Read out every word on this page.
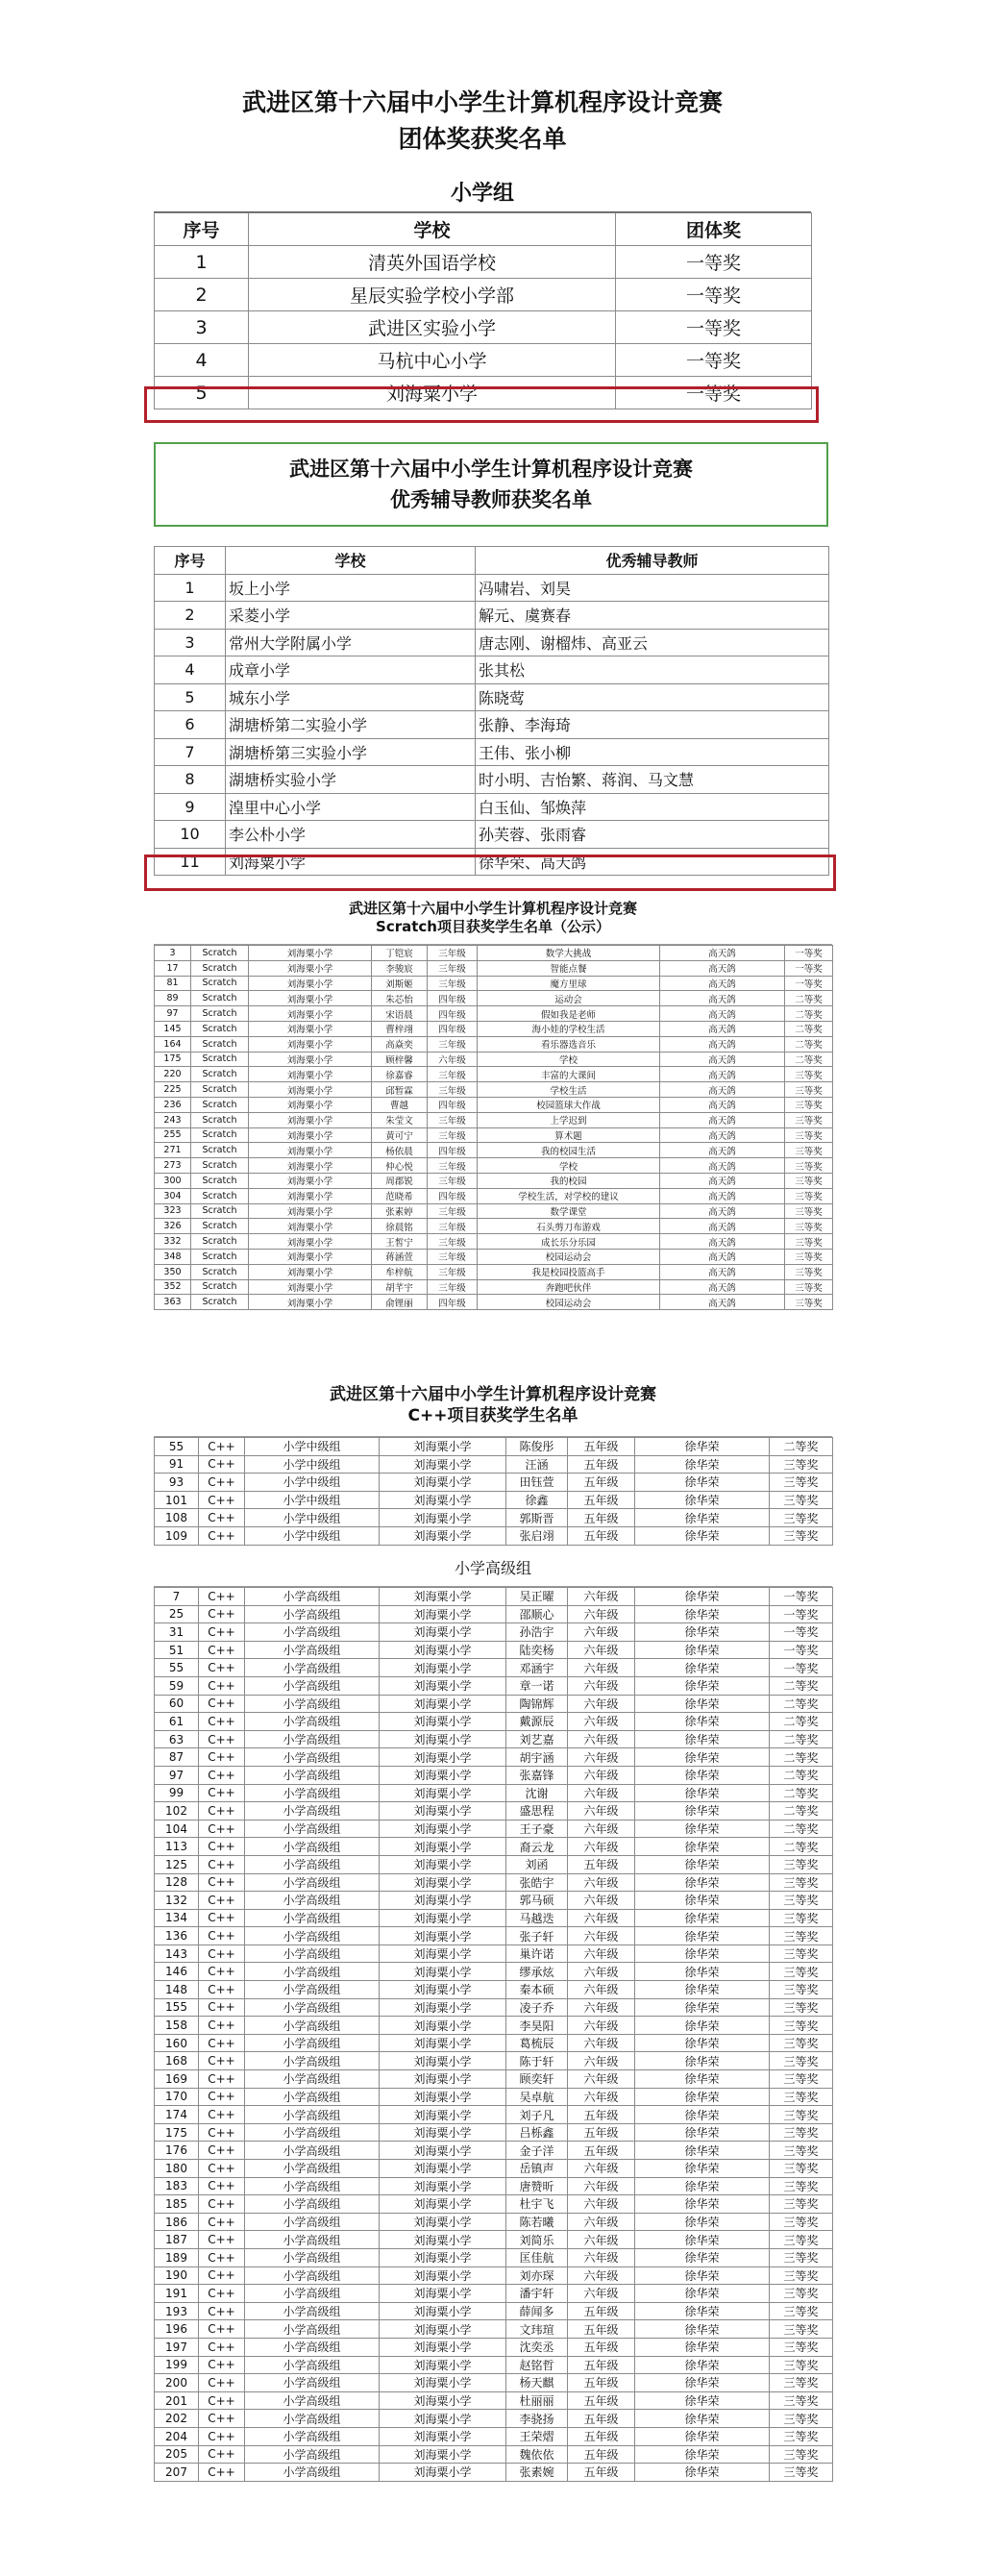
武进区第十六届中小学生计算机程序设计竞赛
团体奖获奖名单
小学组
序号	学校	团体奖
1	清英外国语学校	一等奖
2	星辰实验学校小学部	一等奖
3	武进区实验小学	一等奖
4	马杭中心小学	一等奖
5	刘海粟小学	一等奖
武进区第十六届中小学生计算机程序设计竞赛
优秀辅导教师获奖名单
序号	学校	优秀辅导教师
1	坂上小学	冯啸岩、刘昊
2	采菱小学	解元、虞赛春
3	常州大学附属小学	唐志刚、谢榴炜、高亚云
4	成章小学	张其松
5	城东小学	陈晓莺
6	湖塘桥第二实验小学	张静、李海琦
7	湖塘桥第三实验小学	王伟、张小柳
8	湖塘桥实验小学	时小明、吉怡繁、蒋润、马文慧
9	湟里中心小学	白玉仙、邹焕萍
10	李公朴小学	孙芙蓉、张雨睿
11	刘海粟小学	徐华荣、高天鸽
武进区第十六届中小学生计算机程序设计竞赛
Scratch项目获奖学生名单（公示）
3	Scratch	刘海粟小学	丁铠宸	三年级	数学大挑战	高天鸽	一等奖
17	Scratch	刘海粟小学	李骏宸	三年级	智能点餐	高天鸽	一等奖
81	Scratch	刘海粟小学	刘斯姬	三年级	魔方里球	高天鸽	一等奖
89	Scratch	刘海粟小学	朱芯怡	四年级	运动会	高天鸽	二等奖
97	Scratch	刘海粟小学	宋语晨	四年级	假如我是老师	高天鸽	二等奖
145	Scratch	刘海粟小学	曹梓翊	四年级	海小娃的学校生活	高天鸽	二等奖
164	Scratch	刘海粟小学	高焱奕	三年级	看乐器选音乐	高天鸽	二等奖
175	Scratch	刘海粟小学	顾梓馨	六年级	学校	高天鸽	二等奖
220	Scratch	刘海粟小学	徐嘉睿	三年级	丰富的大课间	高天鸽	三等奖
225	Scratch	刘海粟小学	邱暂霖	三年级	学校生活	高天鸽	三等奖
236	Scratch	刘海粟小学	曹越	四年级	校园篮球大作战	高天鸽	三等奖
243	Scratch	刘海粟小学	朱莹文	三年级	上学迟到	高天鸽	三等奖
255	Scratch	刘海粟小学	黄可宁	三年级	算术题	高天鸽	三等奖
271	Scratch	刘海粟小学	杨依晨	四年级	我的校园生活	高天鸽	三等奖
273	Scratch	刘海粟小学	仲心悦	三年级	学校	高天鸽	三等奖
300	Scratch	刘海粟小学	周郡锐	三年级	我的校园	高天鸽	三等奖
304	Scratch	刘海粟小学	范晓希	四年级	学校生活，对学校的建议	高天鸽	三等奖
323	Scratch	刘海粟小学	张素婷	三年级	数学课堂	高天鸽	三等奖
326	Scratch	刘海粟小学	徐晨铭	三年级	石头剪刀布游戏	高天鸽	三等奖
332	Scratch	刘海粟小学	王皙宁	三年级	成长乐分乐园	高天鸽	三等奖
348	Scratch	刘海粟小学	蒋涵萱	三年级	校园运动会	高天鸽	三等奖
350	Scratch	刘海粟小学	牟梓航	三年级	我是校园投篮高手	高天鸽	三等奖
352	Scratch	刘海粟小学	胡芊宇	三年级	奔跑吧伙伴	高天鸽	三等奖
363	Scratch	刘海粟小学	俞锂丽	四年级	校园运动会	高天鸽	三等奖
武进区第十六届中小学生计算机程序设计竞赛
C++项目获奖学生名单
55	C++	小学中级组	刘海粟小学	陈俊彤	五年级	徐华荣	二等奖
91	C++	小学中级组	刘海粟小学	汪涵	五年级	徐华荣	三等奖
93	C++	小学中级组	刘海粟小学	田钰萱	五年级	徐华荣	三等奖
101	C++	小学中级组	刘海粟小学	徐鑫	五年级	徐华荣	三等奖
108	C++	小学中级组	刘海粟小学	郭斯晋	五年级	徐华荣	三等奖
109	C++	小学中级组	刘海粟小学	张启翊	五年级	徐华荣	三等奖
小学高级组
7	C++	小学高级组	刘海粟小学	吴正曜	六年级	徐华荣	一等奖
25	C++	小学高级组	刘海粟小学	邵顺心	六年级	徐华荣	一等奖
31	C++	小学高级组	刘海粟小学	孙浩宇	六年级	徐华荣	一等奖
51	C++	小学高级组	刘海粟小学	陆奕杨	六年级	徐华荣	一等奖
55	C++	小学高级组	刘海粟小学	邓涵宇	六年级	徐华荣	一等奖
59	C++	小学高级组	刘海粟小学	章一诺	六年级	徐华荣	二等奖
60	C++	小学高级组	刘海粟小学	陶锦辉	六年级	徐华荣	二等奖
61	C++	小学高级组	刘海粟小学	戴源辰	六年级	徐华荣	二等奖
63	C++	小学高级组	刘海粟小学	刘艺嘉	六年级	徐华荣	二等奖
87	C++	小学高级组	刘海粟小学	胡宇涵	六年级	徐华荣	二等奖
97	C++	小学高级组	刘海粟小学	张嘉锋	六年级	徐华荣	二等奖
99	C++	小学高级组	刘海粟小学	沈谢	六年级	徐华荣	二等奖
102	C++	小学高级组	刘海粟小学	盛思程	六年级	徐华荣	二等奖
104	C++	小学高级组	刘海粟小学	王子豪	六年级	徐华荣	二等奖
113	C++	小学高级组	刘海粟小学	裔云龙	六年级	徐华荣	二等奖
125	C++	小学高级组	刘海粟小学	刘函	五年级	徐华荣	三等奖
128	C++	小学高级组	刘海粟小学	张皓宇	六年级	徐华荣	三等奖
132	C++	小学高级组	刘海粟小学	郭马硕	六年级	徐华荣	三等奖
134	C++	小学高级组	刘海粟小学	马越迭	六年级	徐华荣	三等奖
136	C++	小学高级组	刘海粟小学	张子轩	六年级	徐华荣	三等奖
143	C++	小学高级组	刘海粟小学	巢许诺	六年级	徐华荣	三等奖
146	C++	小学高级组	刘海粟小学	缪承炫	六年级	徐华荣	三等奖
148	C++	小学高级组	刘海粟小学	秦本硕	六年级	徐华荣	三等奖
155	C++	小学高级组	刘海粟小学	凌子乔	六年级	徐华荣	三等奖
158	C++	小学高级组	刘海粟小学	李昊阳	六年级	徐华荣	三等奖
160	C++	小学高级组	刘海粟小学	葛梳辰	六年级	徐华荣	三等奖
168	C++	小学高级组	刘海粟小学	陈于轩	六年级	徐华荣	三等奖
169	C++	小学高级组	刘海粟小学	顾奕轩	六年级	徐华荣	三等奖
170	C++	小学高级组	刘海粟小学	吴卓航	六年级	徐华荣	三等奖
174	C++	小学高级组	刘海粟小学	刘子凡	五年级	徐华荣	三等奖
175	C++	小学高级组	刘海粟小学	吕栎鑫	五年级	徐华荣	三等奖
176	C++	小学高级组	刘海粟小学	金子洋	五年级	徐华荣	三等奖
180	C++	小学高级组	刘海粟小学	岳镇声	六年级	徐华荣	三等奖
183	C++	小学高级组	刘海粟小学	唐赞昕	六年级	徐华荣	三等奖
185	C++	小学高级组	刘海粟小学	杜宇飞	六年级	徐华荣	三等奖
186	C++	小学高级组	刘海粟小学	陈若曦	六年级	徐华荣	三等奖
187	C++	小学高级组	刘海粟小学	刘简乐	六年级	徐华荣	三等奖
189	C++	小学高级组	刘海粟小学	匡佳航	六年级	徐华荣	三等奖
190	C++	小学高级组	刘海粟小学	刘亦琛	六年级	徐华荣	三等奖
191	C++	小学高级组	刘海粟小学	潘宇轩	六年级	徐华荣	三等奖
193	C++	小学高级组	刘海粟小学	薛闻多	五年级	徐华荣	三等奖
196	C++	小学高级组	刘海粟小学	文玮瑄	五年级	徐华荣	三等奖
197	C++	小学高级组	刘海粟小学	沈奕丞	五年级	徐华荣	三等奖
199	C++	小学高级组	刘海粟小学	赵铭哲	五年级	徐华荣	三等奖
200	C++	小学高级组	刘海粟小学	杨天麒	五年级	徐华荣	三等奖
201	C++	小学高级组	刘海粟小学	杜丽丽	五年级	徐华荣	三等奖
202	C++	小学高级组	刘海粟小学	李骁扬	五年级	徐华荣	三等奖
204	C++	小学高级组	刘海粟小学	王荣熠	五年级	徐华荣	三等奖
205	C++	小学高级组	刘海粟小学	魏依依	五年级	徐华荣	三等奖
207	C++	小学高级组	刘海粟小学	张素婉	五年级	徐华荣	三等奖
